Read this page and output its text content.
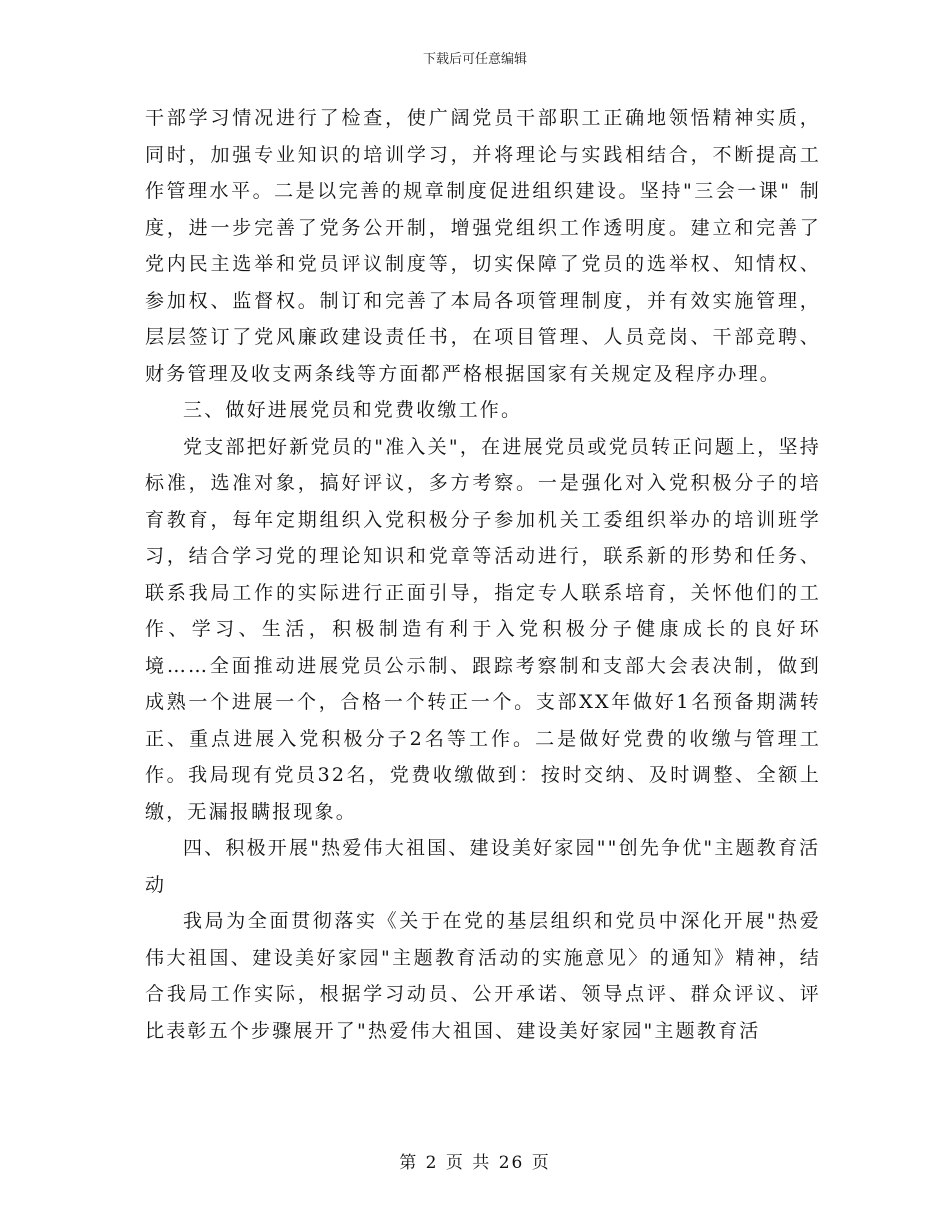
下载后可任意编辑

干部学习情况进行了检查，使广阔党员干部职工正确地领悟精神实质，同时，加强专业知识的培训学习，并将理论与实践相结合，不断提高工作管理水平。二是以完善的规章制度促进组织建设。坚持"三会一课" 制度，进一步完善了党务公开制，增强党组织工作透明度。建立和完善了党内民主选举和党员评议制度等，切实保障了党员的选举权、知情权、参加权、监督权。制订和完善了本局各项管理制度，并有效实施管理，层层签订了党风廉政建设责任书，在项目管理、人员竞岗、干部竞聘、财务管理及收支两条线等方面都严格根据国家有关规定及程序办理。

三、做好进展党员和党费收缴工作。

党支部把好新党员的"准入关"，在进展党员或党员转正问题上，坚持标准，选准对象，搞好评议，多方考察。一是强化对入党积极分子的培育教育，每年定期组织入党积极分子参加机关工委组织举办的培训班学习，结合学习党的理论知识和党章等活动进行，联系新的形势和任务、联系我局工作的实际进行正面引导，指定专人联系培育，关怀他们的工作、学习、生活，积极制造有利于入党积极分子健康成长的良好环境……全面推动进展党员公示制、跟踪考察制和支部大会表决制，做到成熟一个进展一个，合格一个转正一个。支部XX年做好1名预备期满转正、重点进展入党积极分子2名等工作。二是做好党费的收缴与管理工作。我局现有党员32名，党费收缴做到：按时交纳、及时调整、全额上缴，无漏报瞒报现象。

四、积极开展"热爱伟大祖国、建设美好家园""创先争优"主题教育活动

我局为全面贯彻落实《关于在党的基层组织和党员中深化开展"热爱伟大祖国、建设美好家园"主题教育活动的实施意见〉的通知》精神，结合我局工作实际，根据学习动员、公开承诺、领导点评、群众评议、评比表彰五个步骤展开了"热爱伟大祖国、建设美好家园"主题教育活

第 2 页 共 26 页
